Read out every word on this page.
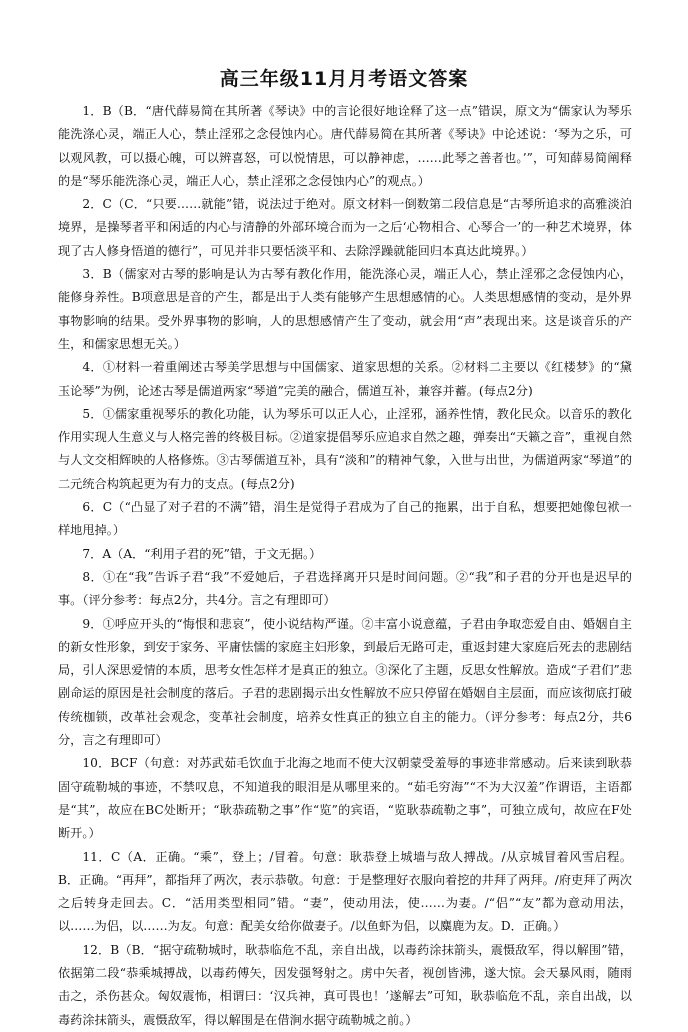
高三年级11月月考语文答案

1．B（B．“唐代薛易简在其所著《琴诀》中的言论很好地诠释了这一点”错误，原文为“儒家认为琴乐能洗涤心灵，端正人心，禁止淫邪之念侵蚀内心。唐代薛易简在其所著《琴诀》中论述说：‘琴为之乐，可以观风教，可以摄心魄，可以辨喜怒，可以悦情思，可以静神虑，……此琴之善者也。’”，可知薛易简阐释的是“琴乐能洗涤心灵，端正人心，禁止淫邪之念侵蚀内心”的观点。）

2．C（C．“只要……就能”错，说法过于绝对。原文材料一倒数第二段信息是“古琴所追求的高雅淡泊境界，是操琴者平和闲适的内心与清静的外部环境合而为一之后‘心物相合、心琴合一’的一种艺术境界，体现了古人修身悟道的德行”，可见并非只要恬淡平和、去除浮躁就能回归本真达此境界。）

3．B（儒家对古琴的影响是认为古琴有教化作用，能洗涤心灵，端正人心，禁止淫邪之念侵蚀内心，能修身养性。B项意思是音的产生，都是出于人类有能够产生思想感情的心。人类思想感情的变动，是外界事物影响的结果。受外界事物的影响，人的思想感情产生了变动，就会用“声”表现出来。这是谈音乐的产生，和儒家思想无关。）

4．①材料一着重阐述古琴美学思想与中国儒家、道家思想的关系。②材料二主要以《红楼梦》的“黛玉论琴”为例，论述古琴是儒道两家“琴道”完美的融合，儒道互补，兼容并蓄。(每点2分)

5．①儒家重视琴乐的教化功能，认为琴乐可以正人心，止淫邪，涵养性情，教化民众。以音乐的教化作用实现人生意义与人格完善的终极目标。②道家提倡琴乐应追求自然之趣，弹奏出“天籁之音”，重视自然与人文交相辉映的人格修炼。③古琴儒道互补，具有“淡和”的精神气象，入世与出世，为儒道两家“琴道”的二元统合构筑起更为有力的支点。(每点2分)

6．C（“凸显了对子君的不满”错，涓生是觉得子君成为了自己的拖累，出于自私，想要把她像包袱一样地甩掉。）

7．A（A．“利用子君的死”错，于文无据。）

8．①在“我”告诉子君“我”不爱她后，子君选择离开只是时间问题。②“我”和子君的分开也是迟早的事。（评分参考：每点2分，共4分。言之有理即可）

9．①呼应开头的“悔恨和悲哀”，使小说结构严谨。②丰富小说意蕴，子君由争取恋爱自由、婚姻自主的新女性形象，到安于家务、平庸怯懦的家庭主妇形象，到最后无路可走，重返封建大家庭后死去的悲剧结局，引人深思爱情的本质，思考女性怎样才是真正的独立。③深化了主题，反思女性解放。造成“子君们”悲剧命运的原因是社会制度的落后。子君的悲剧揭示出女性解放不应只停留在婚姻自主层面，而应该彻底打破传统枷锁，改革社会观念，变革社会制度，培养女性真正的独立自主的能力。（评分参考：每点2分，共6分，言之有理即可）

10．BCF（句意：对苏武茹毛饮血于北海之地而不使大汉朝蒙受羞辱的事迹非常感动。后来读到耿恭固守疏勒城的事迹，不禁叹息，不知道我的眼泪是从哪里来的。“茹毛穷海”“不为大汉羞”作谓语，主语都是“其”，故应在BC处断开；“耿恭疏勒之事”作“览”的宾语，“览耿恭疏勒之事”，可独立成句，故应在F处断开。）

11．C（A．正确。“乘”，登上；/冒着。句意：耿恭登上城墙与敌人搏战。/从京城冒着风雪启程。B．正确。“再拜”，都指拜了两次，表示恭敬。句意：于是整理好衣服向着挖的井拜了两拜。/府吏拜了两次之后转身走回去。C．“活用类型相同”错。“妻”，使动用法，使……为妻。/“侣”“友”都为意动用法，以……为侣，以……为友。句意：配美女给你做妻子。/以鱼虾为侣，以麋鹿为友。D．正确。）

12．B（B．“据守疏勒城时，耿恭临危不乱，亲自出战，以毒药涂抹箭头，震慑敌军，得以解围”错，依据第二段“恭乘城搏战，以毒药傅矢，因发强弩射之。虏中矢者，视创皆沸，遂大惊。会天暴风雨，随雨击之，杀伤甚众。匈奴震怖，相谓曰：‘汉兵神，真可畏也！’遂解去”可知，耿恭临危不乱，亲自出战，以毒药涂抹箭头，震慑敌军，得以解围是在借涧水据守疏勒城之前。）
